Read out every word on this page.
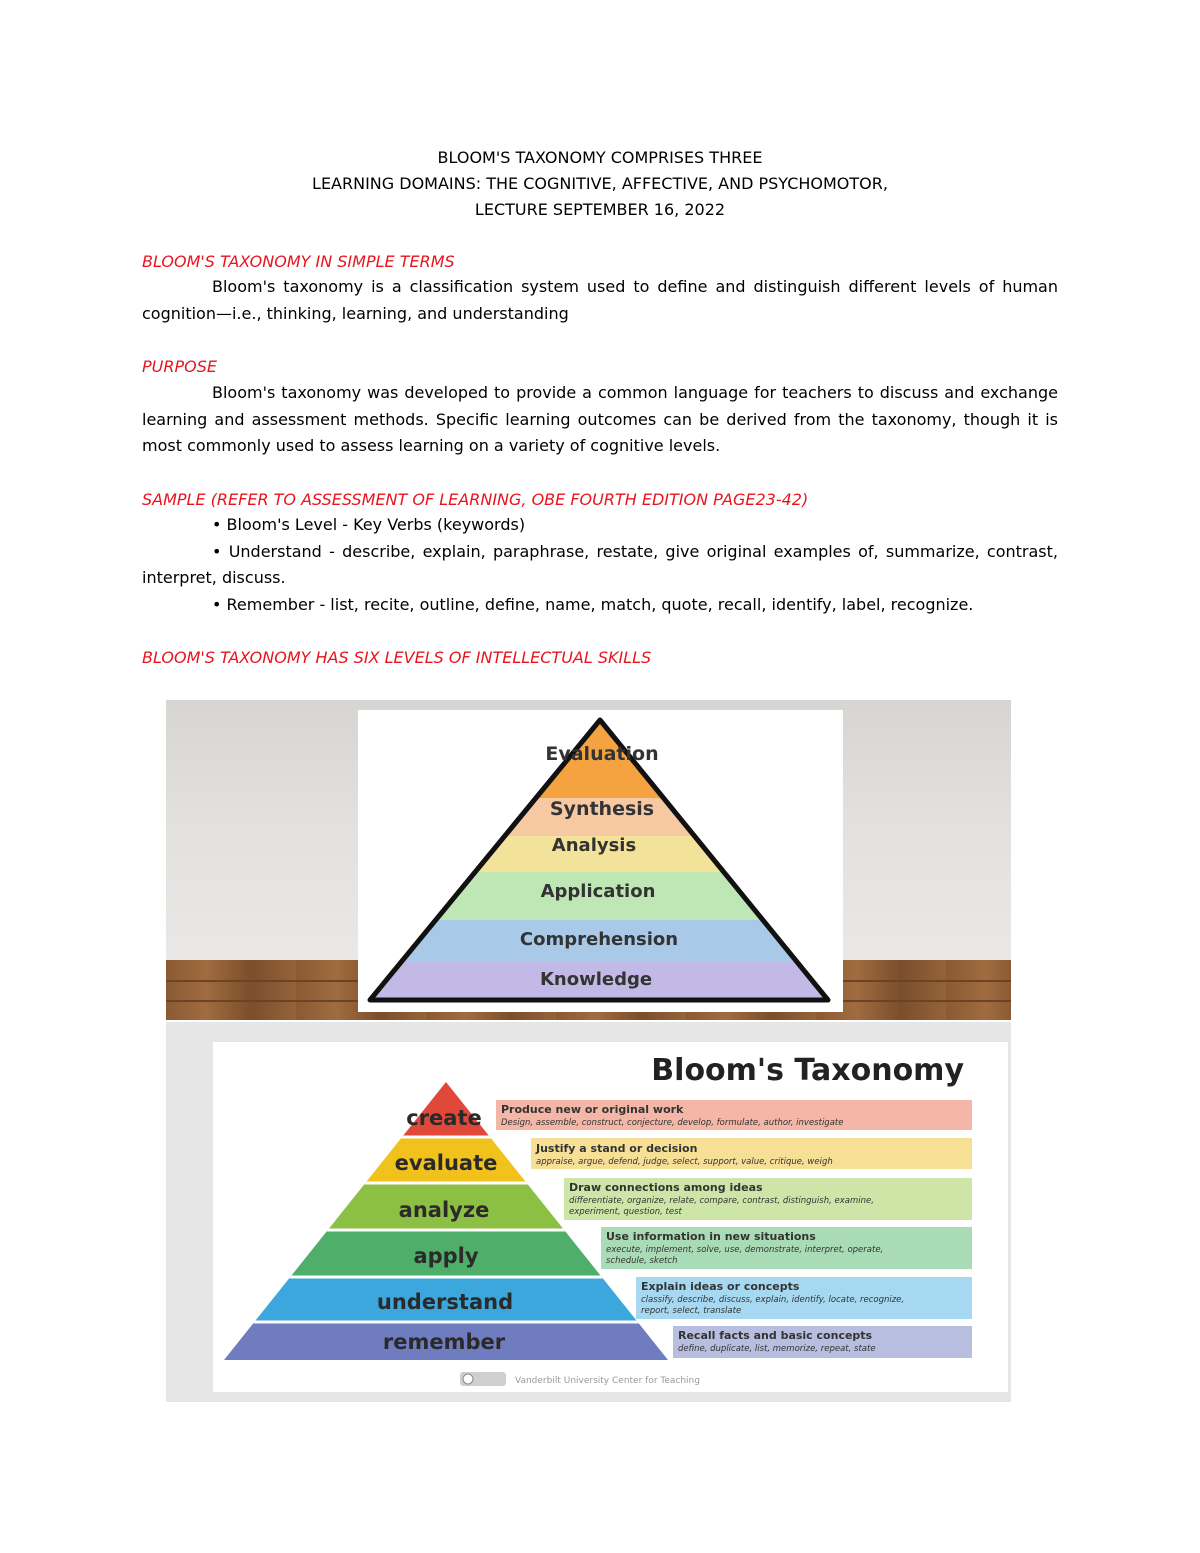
BLOOM'S TAXONOMY COMPRISES THREE
LEARNING DOMAINS: THE COGNITIVE, AFFECTIVE, AND PSYCHOMOTOR,
LECTURE SEPTEMBER 16, 2022
BLOOM'S TAXONOMY IN SIMPLE TERMS
Bloom's taxonomy is a classification system used to define and distinguish different levels of human cognition—i.e., thinking, learning, and understanding
PURPOSE
Bloom's taxonomy was developed to provide a common language for teachers to discuss and exchange learning and assessment methods. Specific learning outcomes can be derived from the taxonomy, though it is most commonly used to assess learning on a variety of cognitive levels.
SAMPLE (REFER TO ASSESSMENT OF LEARNING, OBE FOURTH EDITION PAGE23-42)
• Bloom's Level - Key Verbs (keywords)
• Understand - describe, explain, paraphrase, restate, give original examples of, summarize, contrast, interpret, discuss.
• Remember - list, recite, outline, define, name, match, quote, recall, identify, label, recognize.
BLOOM'S TAXONOMY HAS SIX LEVELS OF INTELLECTUAL SKILLS
Evaluation
Synthesis
Analysis
Application
Comprehension
Knowledge
Bloom's Taxonomy
create
evaluate
analyze
apply
understand
remember
Produce new or original work
Design, assemble, construct, conjecture, develop, formulate, author, investigate
Justify a stand or decision
appraise, argue, defend, judge, select, support, value, critique, weigh
Draw connections among ideas
differentiate, organize, relate, compare, contrast, distinguish, examine, experiment, question, test
Use information in new situations
execute, implement, solve, use, demonstrate, interpret, operate, schedule, sketch
Explain ideas or concepts
classify, describe, discuss, explain, identify, locate, recognize, report, select, translate
Recall facts and basic concepts
define, duplicate, list, memorize, repeat, state
Vanderbilt University Center for Teaching
